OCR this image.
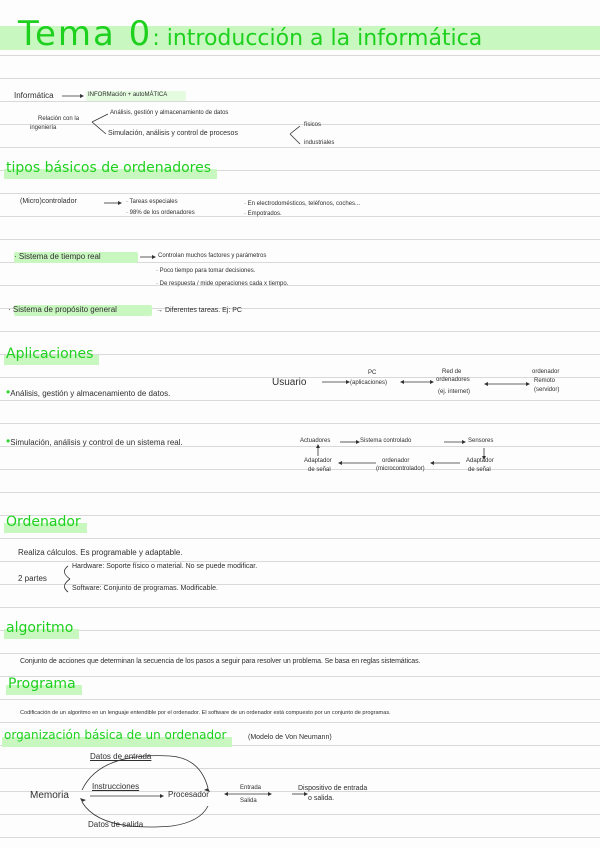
Tema 0: introducción a la informática
Informática	INFORMación + autoMÁTICA
Relación con la
ingeniería
Análisis, gestión y almacenamiento de datos
Simulación, análisis y control de procesos
físicos
industriales
tipos básicos de ordenadores
(Micro)controlador	· Tareas especiales
· 98% de los ordenadores
· En electrodomésticos, teléfonos, coches...
· Empotrados.
· Sistema de tiempo real	Controlan muchos factores y parámetros
· Poco tiempo para tomar decisiones.
· De respuesta / mide operaciones cada x tiempo.
· Sistema de propósito general	→ Diferentes tareas. Ej: PC
Aplicaciones
•Análisis, gestión y almacenamiento de datos.
Usuario
PC
(aplicaciones)
Red de
ordenadores
(ej. internet)
ordenador
Remoto
(servidor)
•Simulación, análisis y control de un sistema real.	Actuadores	Sistema controlado	Sensores
Adaptador
de señal
ordenador
(microcontrolador)
Adaptador
de señal
Ordenador
Realiza cálculos. Es programable y adaptable.
2 partes
Hardware: Soporte físico o material. No se puede modificar.
Software: Conjunto de programas. Modificable.
algoritmo
Conjunto de acciones que determinan la secuencia de los pasos a seguir para resolver un problema. Se basa en reglas sistemáticas.
Programa
Codificación de un algoritmo en un lenguaje entendible por el ordenador. El software de un ordenador está compuesto por un conjunto de programas.
organización básica de un ordenador	(Modelo de Von Neumann)
Datos de entrada
Instrucciones
Memoria	Procesador
Datos de salida
Entrada
Salida
Dispositivo de entrada
o salida.
